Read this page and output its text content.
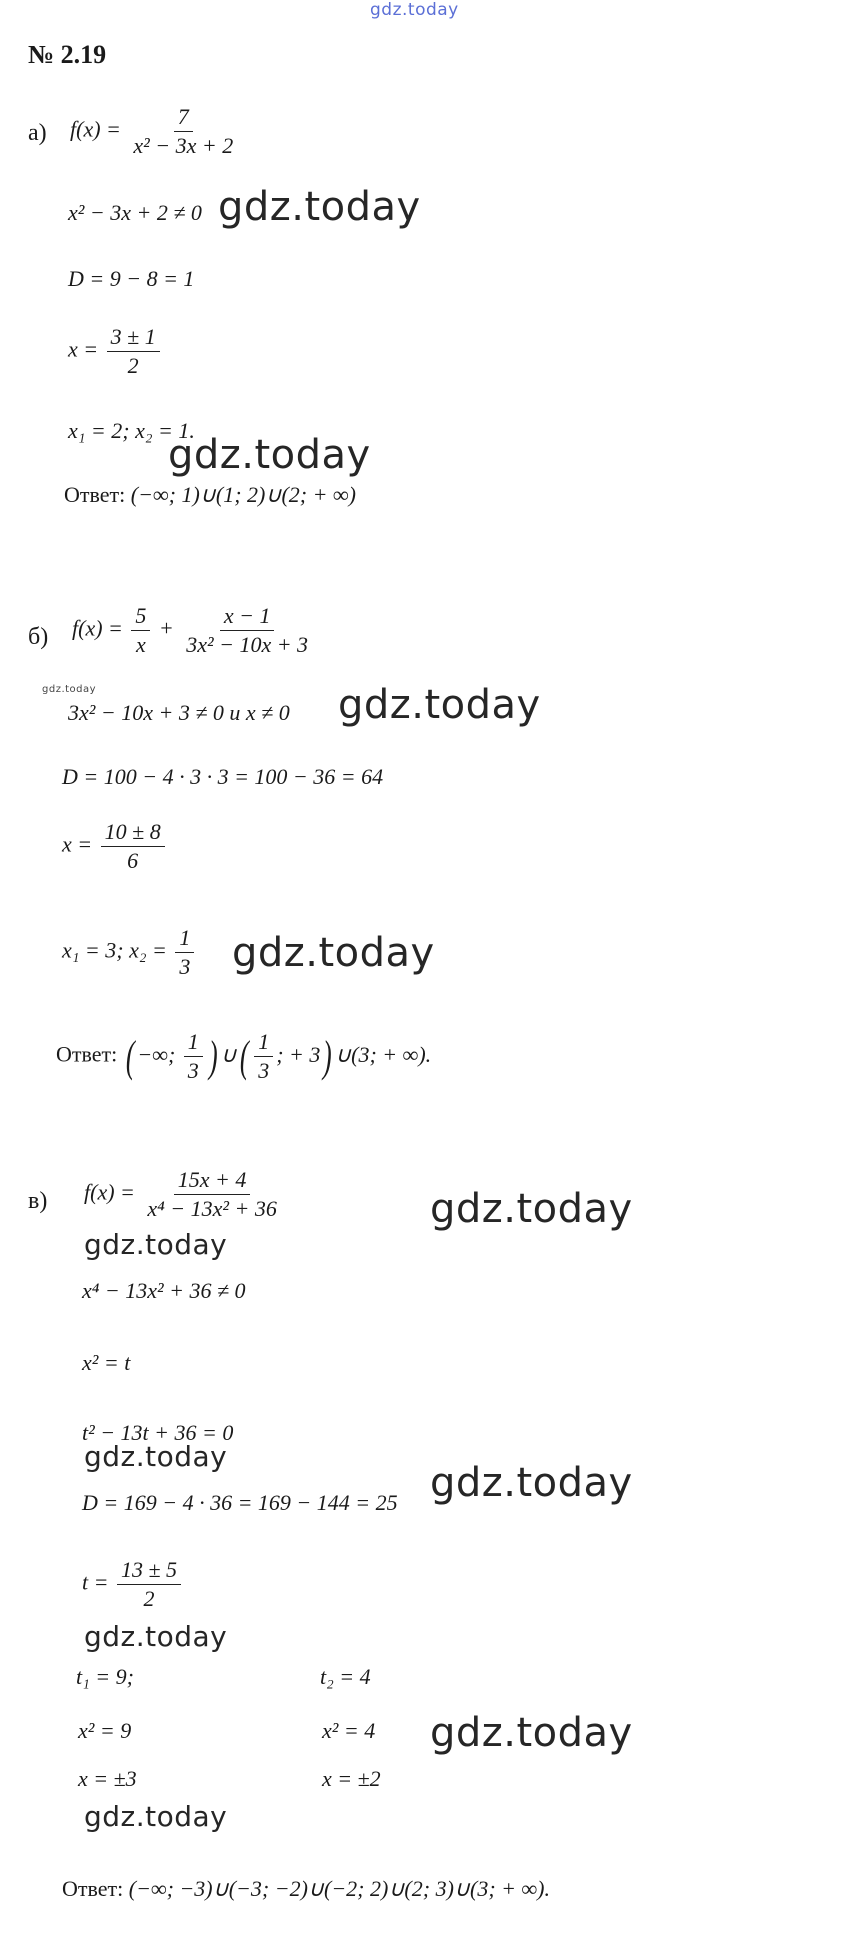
gdz.today
№ 2.19
а) $f(x) = \frac{7}{\text{x² − 3x + 2}}$
x² − 3x + 2 ≠ 0 gdz.today
D = 9 − 8 = 1
$x = \frac{3 \pm 1}{2}$
x₁ = 2; x₂ = 1.
gdz.today
Ответ: (−∞; 1)∪(1; 2)∪(2; + ∞)
б) $f(x) = \frac{5}{x} + \frac{x - 1}{\text{3x² − 10x + 3}}$
gdz.today
3x² − 10x + 3 ≠ 0 и x ≠ 0 gdz.today
D = 100 − 4 · 3 · 3 = 100 − 36 = 64
$x = \frac{10 \pm 8}{6}$
x₁ = 3; $x_2 = \frac{1}{3}$ gdz.today
Ответ: ( −∞; $\frac{1}{3}$ ) ∪( $\frac{1}{3}$ ; + 3) ∪(3; + ∞).
в) $f(x) = \frac{15x + 4}{\text{x⁴ − 13x² + 36}}$	gdz.today
gdz.today
x⁴ − 13x² + 36 ≠ 0
x² = t
t² − 13t + 36 = 0
gdz.today
D = 169 − 4 · 36 = 169 − 144 = 25 gdz.today
$t = \frac{13 \pm 5}{2}$
gdz.today
t₁ = 9;	t₂ = 4
x² = 9	x² = 4 gdz.today
x = ±3	x = ±2
gdz.today
Ответ: (−∞; −3)∪(−3; −2)∪(−2; 2)∪(2; 3)∪(3; + ∞).
